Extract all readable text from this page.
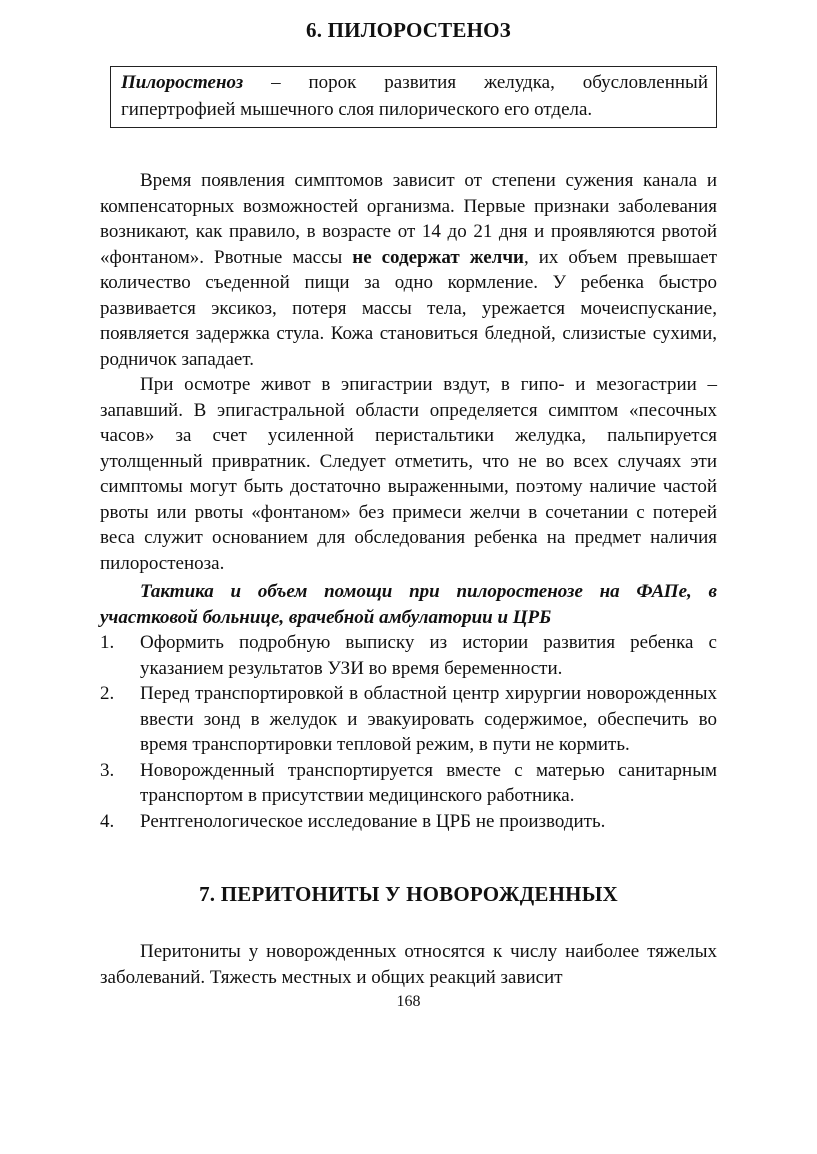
6. ПИЛОРОСТЕНОЗ
Пилоростеноз – порок развития желудка, обусловленный гипертрофией мышечного слоя пилорического его отдела.

Время появления симптомов зависит от степени сужения канала и компенсаторных возможностей организма. Первые признаки заболевания возникают, как правило, в возрасте от 14 до 21 дня и проявляются рвотой «фонтаном». Рвотные массы не содержат желчи, их объем превышает количество съеденной пищи за одно кормление. У ребенка быстро развивается эксикоз, потеря массы тела, урежается мочеиспускание, появляется задержка стула. Кожа становиться бледной, слизистые сухими, родничок западает.

При осмотре живот в эпигастрии вздут, в гипо- и мезогастрии – запавший. В эпигастральной области определяется симптом «песочных часов» за счет усиленной перистальтики желудка, пальпируется утолщенный привратник. Следует отметить, что не во всех случаях эти симптомы могут быть достаточно выраженными, поэтому наличие частой рвоты или рвоты «фонтаном» без примеси желчи в сочетании с потерей веса служит основанием для обследования ребенка на предмет наличия пилоростеноза.

Тактика и объем помощи при пилоростенозе на ФАПе, в участковой больнице, врачебной амбулатории и ЦРБ

1.	Оформить подробную выписку из истории развития ребенка с указанием результатов УЗИ во время беременности.
2.	Перед транспортировкой в областной центр хирургии новорожденных ввести зонд в желудок и эвакуировать содержимое, обеспечить во время транспортировки тепловой режим, в пути не кормить.
3.	Новорожденный транспортируется вместе с матерью санитарным транспортом в присутствии медицинского работника.
4.	Рентгенологическое исследование в ЦРБ не производить.
7. ПЕРИТОНИТЫ У НОВОРОЖДЕННЫХ

Перитониты у новорожденных относятся к числу наиболее тяжелых заболеваний. Тяжесть местных и общих реакций зависит

168
